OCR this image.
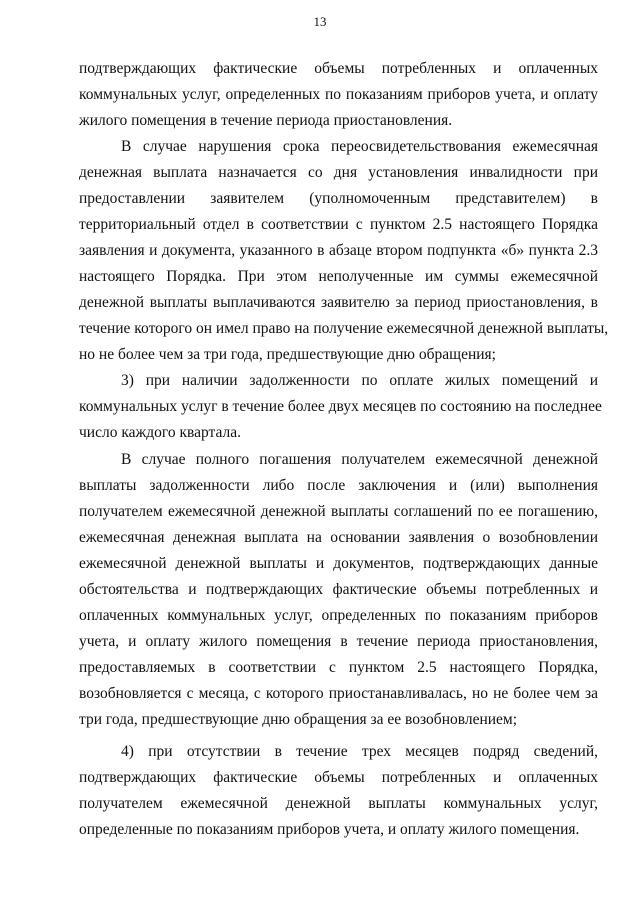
13
подтверждающих фактические объемы потребленных и оплаченных
коммунальных услуг, определенных по показаниям приборов учета, и оплату
жилого помещения в течение периода приостановления.
В случае нарушения срока переосвидетельствования ежемесячная
денежная выплата назначается со дня установления инвалидности при
предоставлении заявителем (уполномоченным представителем) в
территориальный отдел в соответствии с пунктом 2.5 настоящего Порядка
заявления и документа, указанного в абзаце втором подпункта «б» пункта 2.3
настоящего Порядка. При этом неполученные им суммы ежемесячной
денежной выплаты выплачиваются заявителю за период приостановления, в
течение которого он имел право на получение ежемесячной денежной выплаты,
но не более чем за три года, предшествующие дню обращения;
3) при наличии задолженности по оплате жилых помещений и
коммунальных услуг в течение более двух месяцев по состоянию на последнее
число каждого квартала.
В случае полного погашения получателем ежемесячной денежной
выплаты задолженности либо после заключения и (или) выполнения
получателем ежемесячной денежной выплаты соглашений по ее погашению,
ежемесячная денежная выплата на основании заявления о возобновлении
ежемесячной денежной выплаты и документов, подтверждающих данные
обстоятельства и подтверждающих фактические объемы потребленных и
оплаченных коммунальных услуг, определенных по показаниям приборов
учета, и оплату жилого помещения в течение периода приостановления,
предоставляемых в соответствии с пунктом 2.5 настоящего Порядка,
возобновляется с месяца, с которого приостанавливалась, но не более чем за
три года, предшествующие дню обращения за ее возобновлением;
4) при отсутствии в течение трех месяцев подряд сведений,
подтверждающих фактические объемы потребленных и оплаченных
получателем ежемесячной денежной выплаты коммунальных услуг,
определенные по показаниям приборов учета, и оплату жилого помещения.
